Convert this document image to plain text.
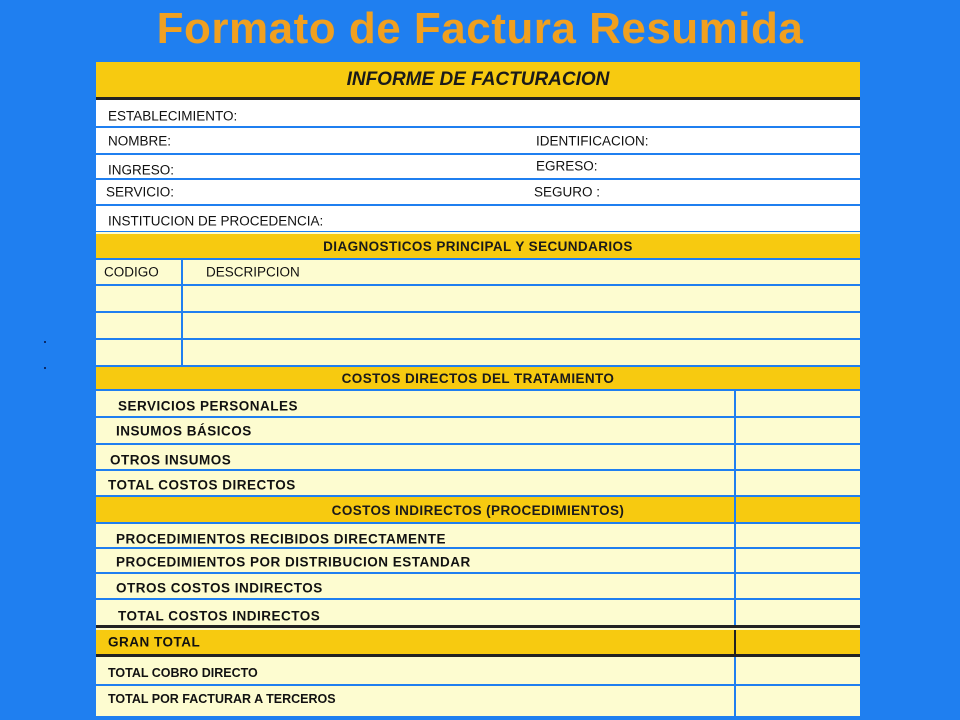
Formato de Factura Resumida
INFORME DE FACTURACION
ESTABLECIMIENTO:
NOMBRE:	IDENTIFICACION:
INGRESO:	EGRESO:
SERVICIO:	SEGURO :
INSTITUCION DE PROCEDENCIA:
DIAGNOSTICOS PRINCIPAL Y SECUNDARIOS
CODIGO	DESCRIPCION
COSTOS DIRECTOS DEL TRATAMIENTO
SERVICIOS PERSONALES
INSUMOS BÁSICOS
OTROS INSUMOS
TOTAL COSTOS DIRECTOS
COSTOS INDIRECTOS (PROCEDIMIENTOS)
PROCEDIMIENTOS RECIBIDOS DIRECTAMENTE
PROCEDIMIENTOS POR DISTRIBUCION ESTANDAR
OTROS COSTOS INDIRECTOS
TOTAL COSTOS INDIRECTOS
GRAN TOTAL
TOTAL COBRO DIRECTO
TOTAL POR FACTURAR A TERCEROS
